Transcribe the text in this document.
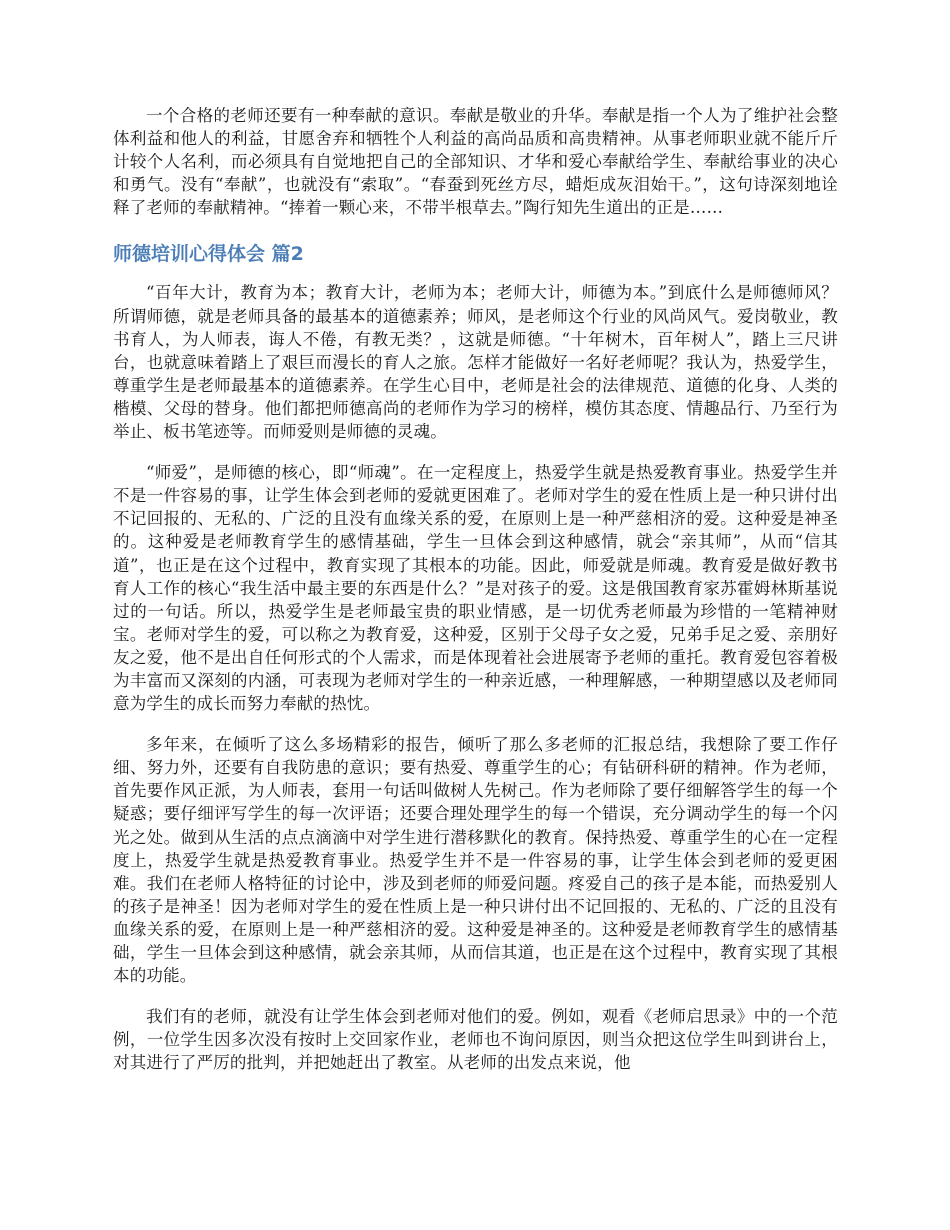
一个合格的老师还要有一种奉献的意识。奉献是敬业的升华。奉献是指一个人为了维护社会整体利益和他人的利益，甘愿舍弃和牺牲个人利益的高尚品质和高贵精神。从事老师职业就不能斤斤计较个人名利，而必须具有自觉地把自己的全部知识、才华和爱心奉献给学生、奉献给事业的决心和勇气。没有“奉献”，也就没有“索取”。“春蚕到死丝方尽，蜡炬成灰泪始干。”，这句诗深刻地诠释了老师的奉献精神。“捧着一颗心来，不带半根草去。”陶行知先生道出的正是……

师德培训心得体会 篇2

“百年大计，教育为本；教育大计，老师为本；老师大计，师德为本。”到底什么是师德师风？所谓师德，就是老师具备的最基本的道德素养；师风，是老师这个行业的风尚风气。爱岗敬业，教书育人，为人师表，诲人不倦，有教无类？，这就是师德。“十年树木，百年树人”，踏上三尺讲台，也就意味着踏上了艰巨而漫长的育人之旅。怎样才能做好一名好老师呢？我认为，热爱学生，尊重学生是老师最基本的道德素养。在学生心目中，老师是社会的法律规范、道德的化身、人类的楷模、父母的替身。他们都把师德高尚的老师作为学习的榜样，模仿其态度、情趣品行、乃至行为举止、板书笔迹等。而师爱则是师德的灵魂。

“师爱”，是师德的核心，即“师魂”。在一定程度上，热爱学生就是热爱教育事业。热爱学生并不是一件容易的事，让学生体会到老师的爱就更困难了。老师对学生的爱在性质上是一种只讲付出不记回报的、无私的、广泛的且没有血缘关系的爱，在原则上是一种严慈相济的爱。这种爱是神圣的。这种爱是老师教育学生的感情基础，学生一旦体会到这种感情，就会“亲其师”，从而“信其道”，也正是在这个过程中，教育实现了其根本的功能。因此，师爱就是师魂。教育爱是做好教书育人工作的核心“我生活中最主要的东西是什么？”是对孩子的爱。这是俄国教育家苏霍姆林斯基说过的一句话。所以，热爱学生是老师最宝贵的职业情感，是一切优秀老师最为珍惜的一笔精神财宝。老师对学生的爱，可以称之为教育爱，这种爱，区别于父母子女之爱，兄弟手足之爱、亲朋好友之爱，他不是出自任何形式的个人需求，而是体现着社会进展寄予老师的重托。教育爱包容着极为丰富而又深刻的内涵，可表现为老师对学生的一种亲近感，一种理解感，一种期望感以及老师同意为学生的成长而努力奉献的热忱。

多年来，在倾听了这么多场精彩的报告，倾听了那么多老师的汇报总结，我想除了要工作仔细、努力外，还要有自我防患的意识；要有热爱、尊重学生的心；有钻研科研的精神。作为老师，首先要作风正派，为人师表，套用一句话叫做树人先树己。作为老师除了要仔细解答学生的每一个疑惑；要仔细评写学生的每一次评语；还要合理处理学生的每一个错误，充分调动学生的每一个闪光之处。做到从生活的点点滴滴中对学生进行潜移默化的教育。保持热爱、尊重学生的心在一定程度上，热爱学生就是热爱教育事业。热爱学生并不是一件容易的事，让学生体会到老师的爱更困难。我们在老师人格特征的讨论中，涉及到老师的师爱问题。疼爱自己的孩子是本能，而热爱别人的孩子是神圣！因为老师对学生的爱在性质上是一种只讲付出不记回报的、无私的、广泛的且没有血缘关系的爱，在原则上是一种严慈相济的爱。这种爱是神圣的。这种爱是老师教育学生的感情基础，学生一旦体会到这种感情，就会亲其师，从而信其道，也正是在这个过程中，教育实现了其根本的功能。

我们有的老师，就没有让学生体会到老师对他们的爱。例如，观看《老师启思录》中的一个范例，一位学生因多次没有按时上交回家作业，老师也不询问原因，则当众把这位学生叫到讲台上，对其进行了严厉的批判，并把她赶出了教室。从老师的出发点来说，他
